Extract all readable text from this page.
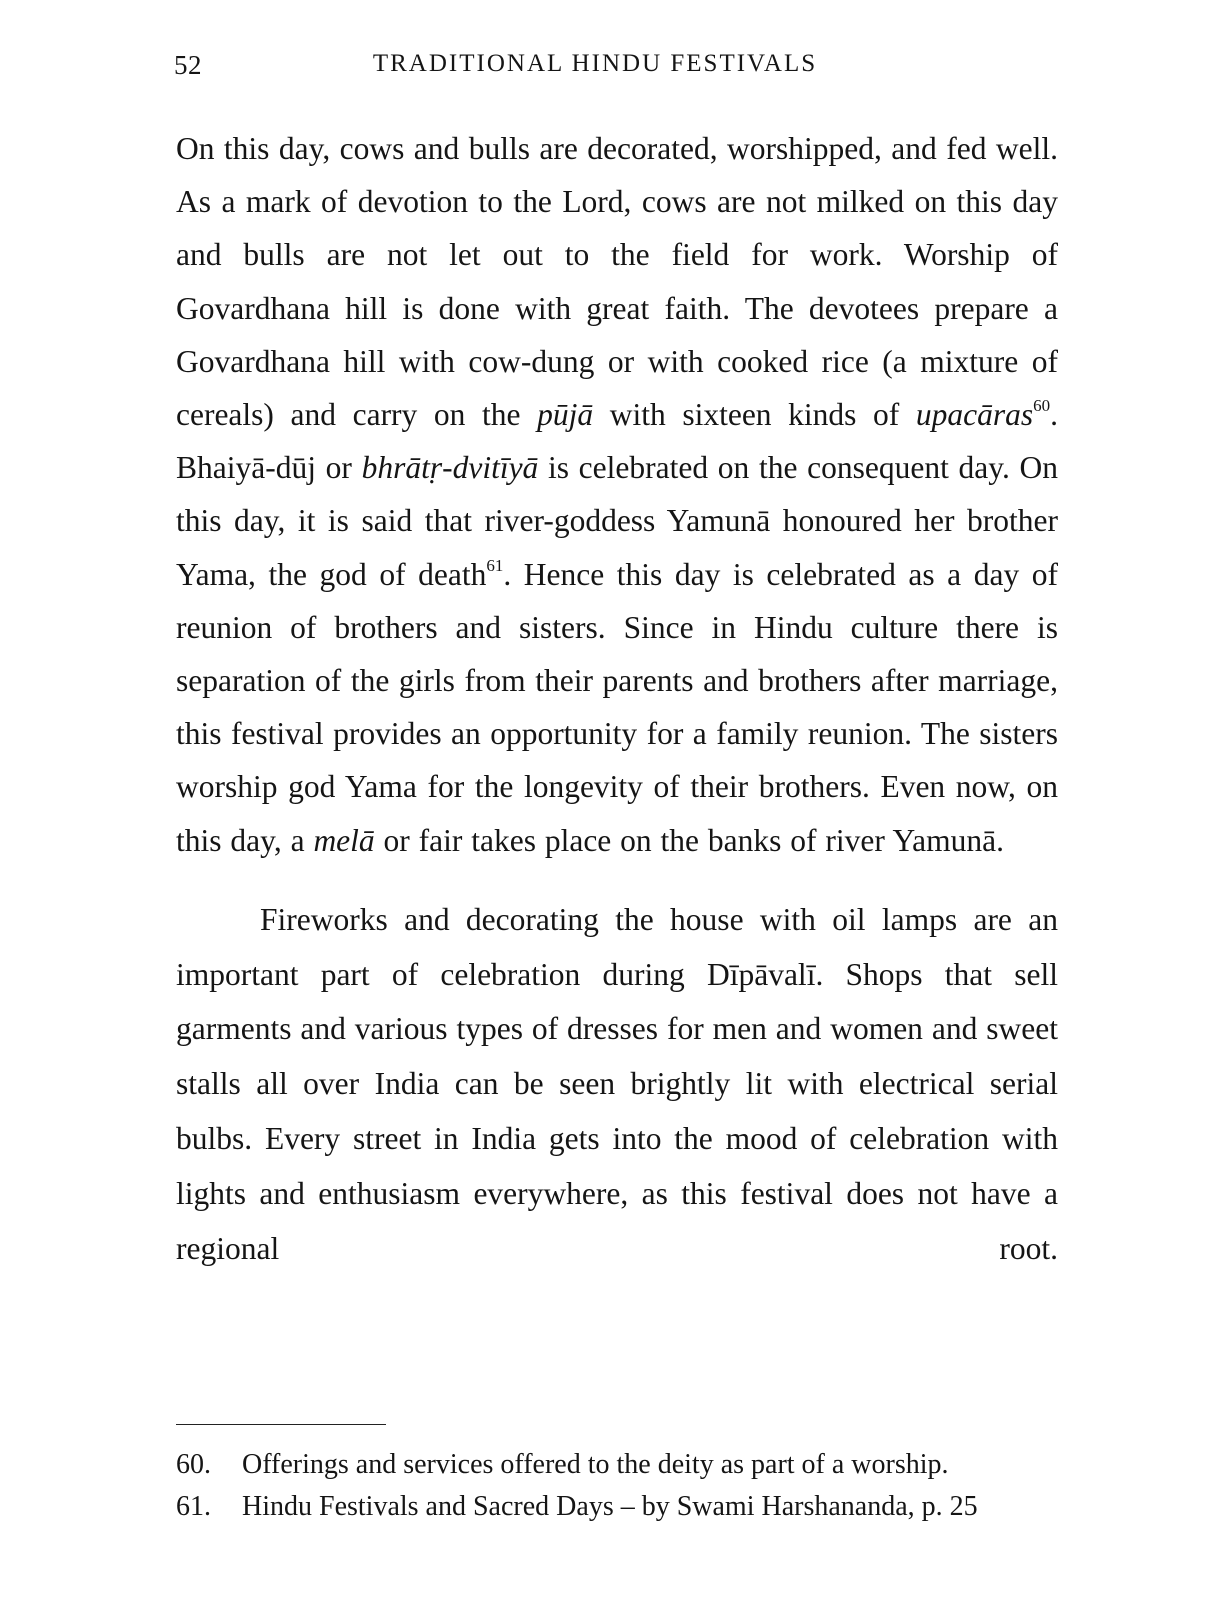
52	TRADITIONAL HINDU FESTIVALS

On this day, cows and bulls are decorated, worshipped, and fed well. As a mark of devotion to the Lord, cows are not milked on this day and bulls are not let out to the field for work. Worship of Govardhana hill is done with great faith. The devotees prepare a Govardhana hill with cow-dung or with cooked rice (a mixture of cereals) and carry on the pūjā with sixteen kinds of upacāras$^{60}$. Bhaiyā-dūj or bhrātṛ-dvitīyā is celebrated on the consequent day. On this day, it is said that river-goddess Yamunā honoured her brother Yama, the god of death$^{61}$. Hence this day is celebrated as a day of reunion of brothers and sisters. Since in Hindu culture there is separation of the girls from their parents and brothers after marriage, this festival provides an opportunity for a family reunion. The sisters worship god Yama for the longevity of their brothers. Even now, on this day, a melā or fair takes place on the banks of river Yamunā.

Fireworks and decorating the house with oil lamps are an important part of celebration during Dīpāvalī. Shops that sell garments and various types of dresses for men and women and sweet stalls all over India can be seen brightly lit with electrical serial bulbs. Every street in India gets into the mood of celebration with lights and enthusiasm everywhere, as this festival does not have a regional root.

60.	Offerings and services offered to the deity as part of a worship.

61.	Hindu Festivals and Sacred Days – by Swami Harshananda, p. 25
